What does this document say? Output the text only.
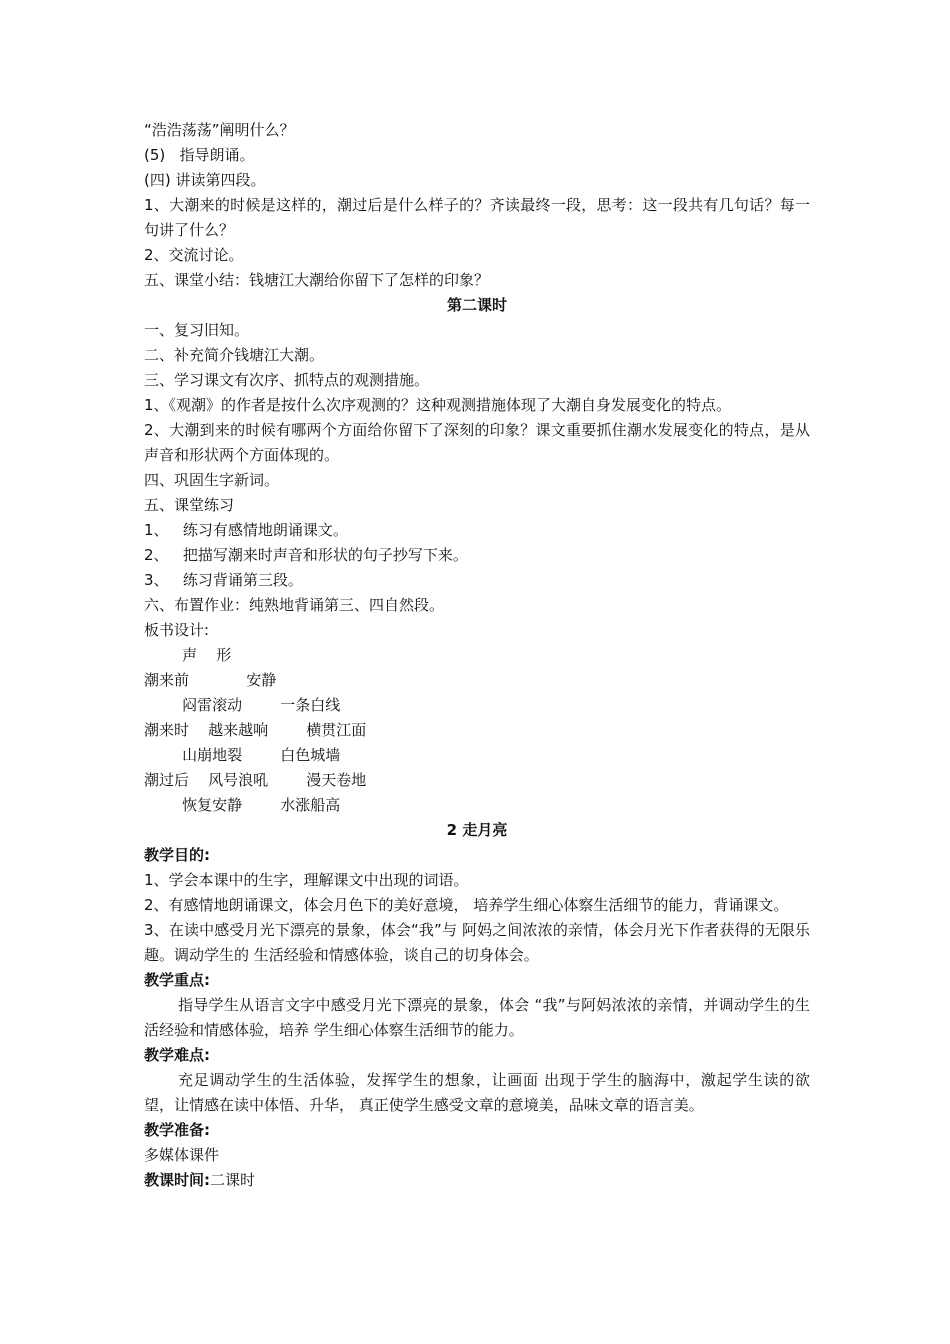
“浩浩荡荡”阐明什么？
(5)   指导朗诵。
(四) 讲读第四段。
1、大潮来的时候是这样的，潮过后是什么样子的？齐读最终一段，思考：这一段共有几句话？每一句讲了什么？
2、交流讨论。
五、课堂小结：钱塘江大潮给你留下了怎样的印象？
第二课时
一、复习旧知。
二、补充简介钱塘江大潮。
三、学习课文有次序、抓特点的观测措施。
1、《观潮》的作者是按什么次序观测的？这种观测措施体现了大潮自身发展变化的特点。
2、大潮到来的时候有哪两个方面给你留下了深刻的印象？课文重要抓住潮水发展变化的特点，是从声音和形状两个方面体现的。
四、巩固生字新词。
五、课堂练习
1、   练习有感情地朗诵课文。
2、   把描写潮来时声音和形状的句子抄写下来。
3、   练习背诵第三段。
六、布置作业：纯熟地背诵第三、四自然段。
板书设计:
声    形
潮来前            安静
闷雷滚动        一条白线
潮来时    越来越响        横贯江面
山崩地裂        白色城墙
潮过后    风号浪吼        漫天卷地
恢复安静        水涨船高
2 走月亮
教学目的:
1、学会本课中的生字，理解课文中出现的词语。
2、有感情地朗诵课文，体会月色下的美好意境， 培养学生细心体察生活细节的能力，背诵课文。
3、在读中感受月光下漂亮的景象，体会“我”与 阿妈之间浓浓的亲情，体会月光下作者获得的无限乐趣。调动学生的 生活经验和情感体验，谈自己的切身体会。
教学重点:
指导学生从语言文字中感受月光下漂亮的景象，体会 “我”与阿妈浓浓的亲情，并调动学生的生活经验和情感体验，培养 学生细心体察生活细节的能力。
教学难点:
充足调动学生的生活体验，发挥学生的想象，让画面 出现于学生的脑海中，激起学生读的欲望，让情感在读中体悟、升华， 真正使学生感受文章的意境美，品味文章的语言美。
教学准备:
多媒体课件
教课时间:二课时
